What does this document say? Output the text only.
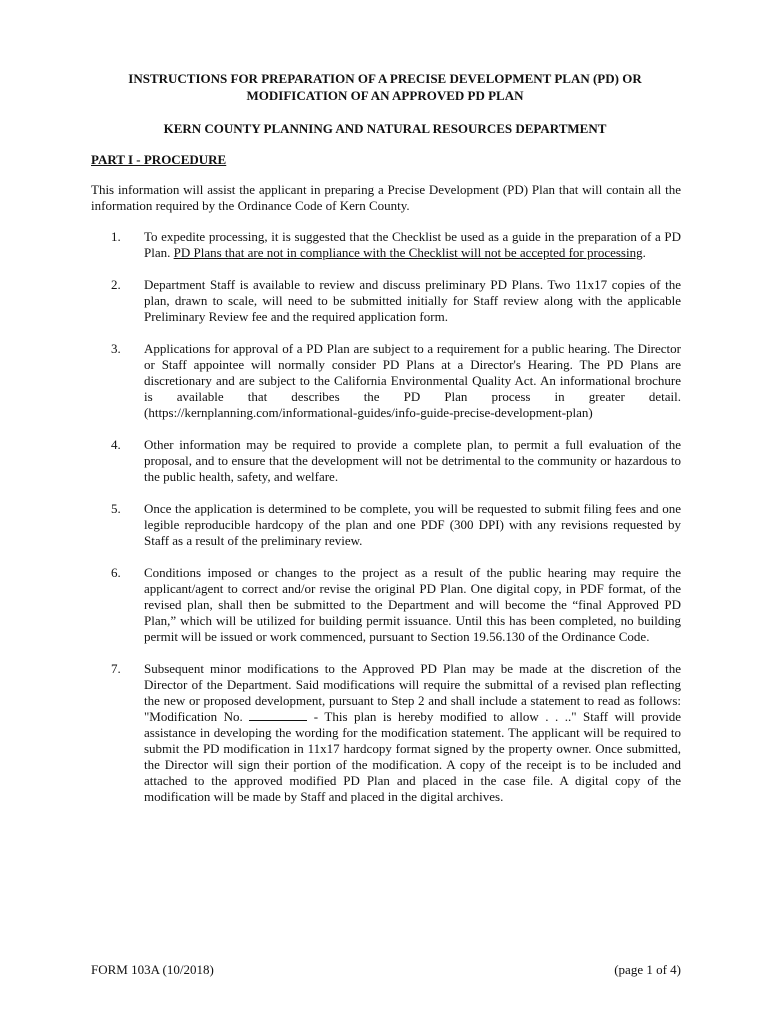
INSTRUCTIONS FOR PREPARATION OF A PRECISE DEVELOPMENT PLAN (PD) OR
MODIFICATION OF AN APPROVED PD PLAN
KERN COUNTY PLANNING AND NATURAL RESOURCES DEPARTMENT
PART I - PROCEDURE
This information will assist the applicant in preparing a Precise Development (PD) Plan that will contain all the information required by the Ordinance Code of Kern County.
1. To expedite processing, it is suggested that the Checklist be used as a guide in the preparation of a PD Plan. PD Plans that are not in compliance with the Checklist will not be accepted for processing.
2. Department Staff is available to review and discuss preliminary PD Plans. Two 11x17 copies of the plan, drawn to scale, will need to be submitted initially for Staff review along with the applicable Preliminary Review fee and the required application form.
3. Applications for approval of a PD Plan are subject to a requirement for a public hearing. The Director or Staff appointee will normally consider PD Plans at a Director's Hearing. The PD Plans are discretionary and are subject to the California Environmental Quality Act. An informational brochure is available that describes the PD Plan process in greater detail. (https://kernplanning.com/informational-guides/info-guide-precise-development-plan)
4. Other information may be required to provide a complete plan, to permit a full evaluation of the proposal, and to ensure that the development will not be detrimental to the community or hazardous to the public health, safety, and welfare.
5. Once the application is determined to be complete, you will be requested to submit filing fees and one legible reproducible hardcopy of the plan and one PDF (300 DPI) with any revisions requested by Staff as a result of the preliminary review.
6. Conditions imposed or changes to the project as a result of the public hearing may require the applicant/agent to correct and/or revise the original PD Plan. One digital copy, in PDF format, of the revised plan, shall then be submitted to the Department and will become the “final Approved PD Plan,” which will be utilized for building permit issuance. Until this has been completed, no building permit will be issued or work commenced, pursuant to Section 19.56.130 of the Ordinance Code.
7. Subsequent minor modifications to the Approved PD Plan may be made at the discretion of the Director of the Department. Said modifications will require the submittal of a revised plan reflecting the new or proposed development, pursuant to Step 2 and shall include a statement to read as follows: "Modification No.	- This plan is hereby modified to allow . . .." Staff will provide assistance in developing the wording for the modification statement. The applicant will be required to submit the PD modification in 11x17 hardcopy format signed by the property owner. Once submitted, the Director will sign their portion of the modification. A copy of the receipt is to be included and attached to the approved modified PD Plan and placed in the case file. A digital copy of the modification will be made by Staff and placed in the digital archives.
FORM 103A (10/2018)	(page 1 of 4)
